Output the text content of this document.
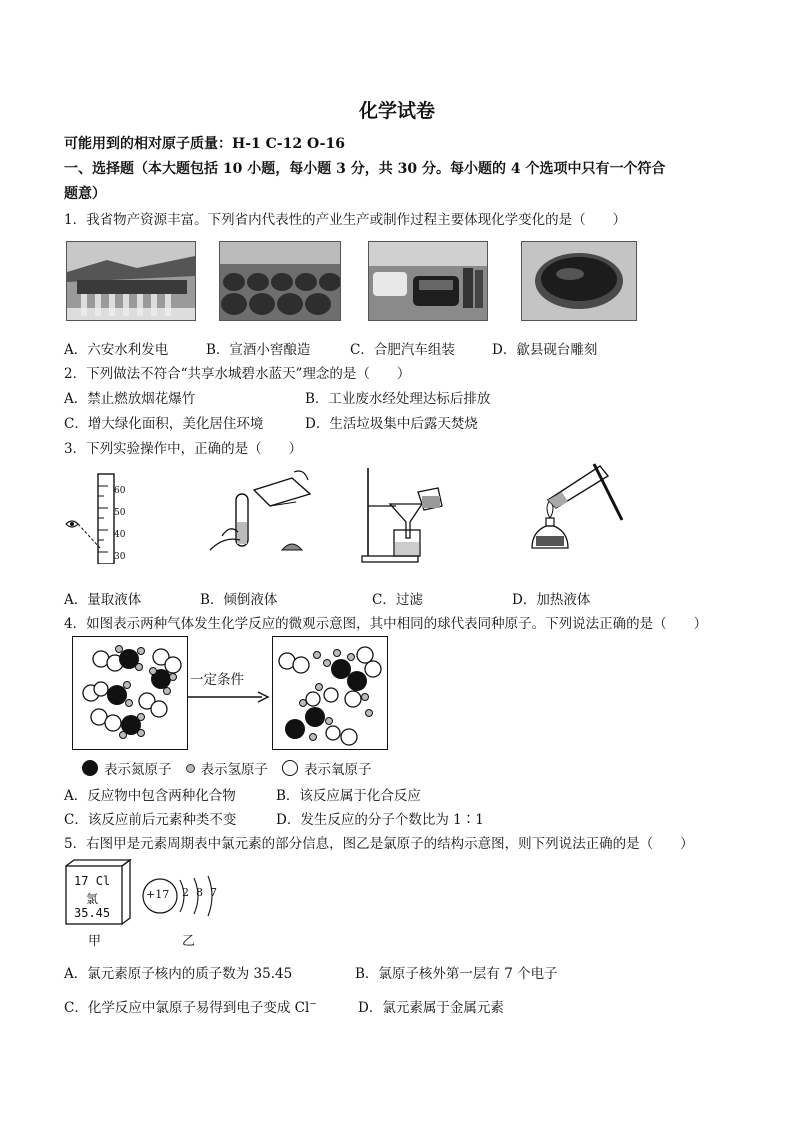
化学试卷
可能用到的相对原子质量：H-1 C-12 O-16
一、选择题（本大题包括 10 小题，每小题 3 分，共 30 分。每小题的 4 个选项中只有一个符合
题意）
1．我省物产资源丰富。下列省内代表性的产业生产或制作过程主要体现化学变化的是（　　）
A．六安水利发电	B．宣酒小窖酿造	C．合肥汽车组装	D．歙县砚台雕刻
2．下列做法不符合“共享水城碧水蓝天”理念的是（　　）
A．禁止燃放烟花爆竹	B．工业废水经处理达标后排放
C．增大绿化面积，美化居住环境	D．生活垃圾集中后露天焚烧
3．下列实验操作中，正确的是（　　）
60
50
40
30
A．量取液体	B．倾倒液体	C．过滤	D．加热液体
4．如图表示两种气体发生化学反应的微观示意图，其中相同的球代表同种原子。下列说法正确的是（　　）
一定条件
表示氮原子 表示氢原子	表示氧原子
A．反应物中包含两种化合物	B．该反应属于化合反应
C．该反应前后元素种类不变	D．发生反应的分子个数比为 1∶1
5．右图甲是元素周期表中氯元素的部分信息，图乙是氯原子的结构示意图，则下列说法正确的是（　　）
17 Cl
氯
35.45
甲
+17 2 8 7
乙
A．氯元素原子核内的质子数为 35.45	B．氯原子核外第一层有 7 个电子
C．化学反应中氯原子易得到电子变成 Cl−	D．氯元素属于金属元素
